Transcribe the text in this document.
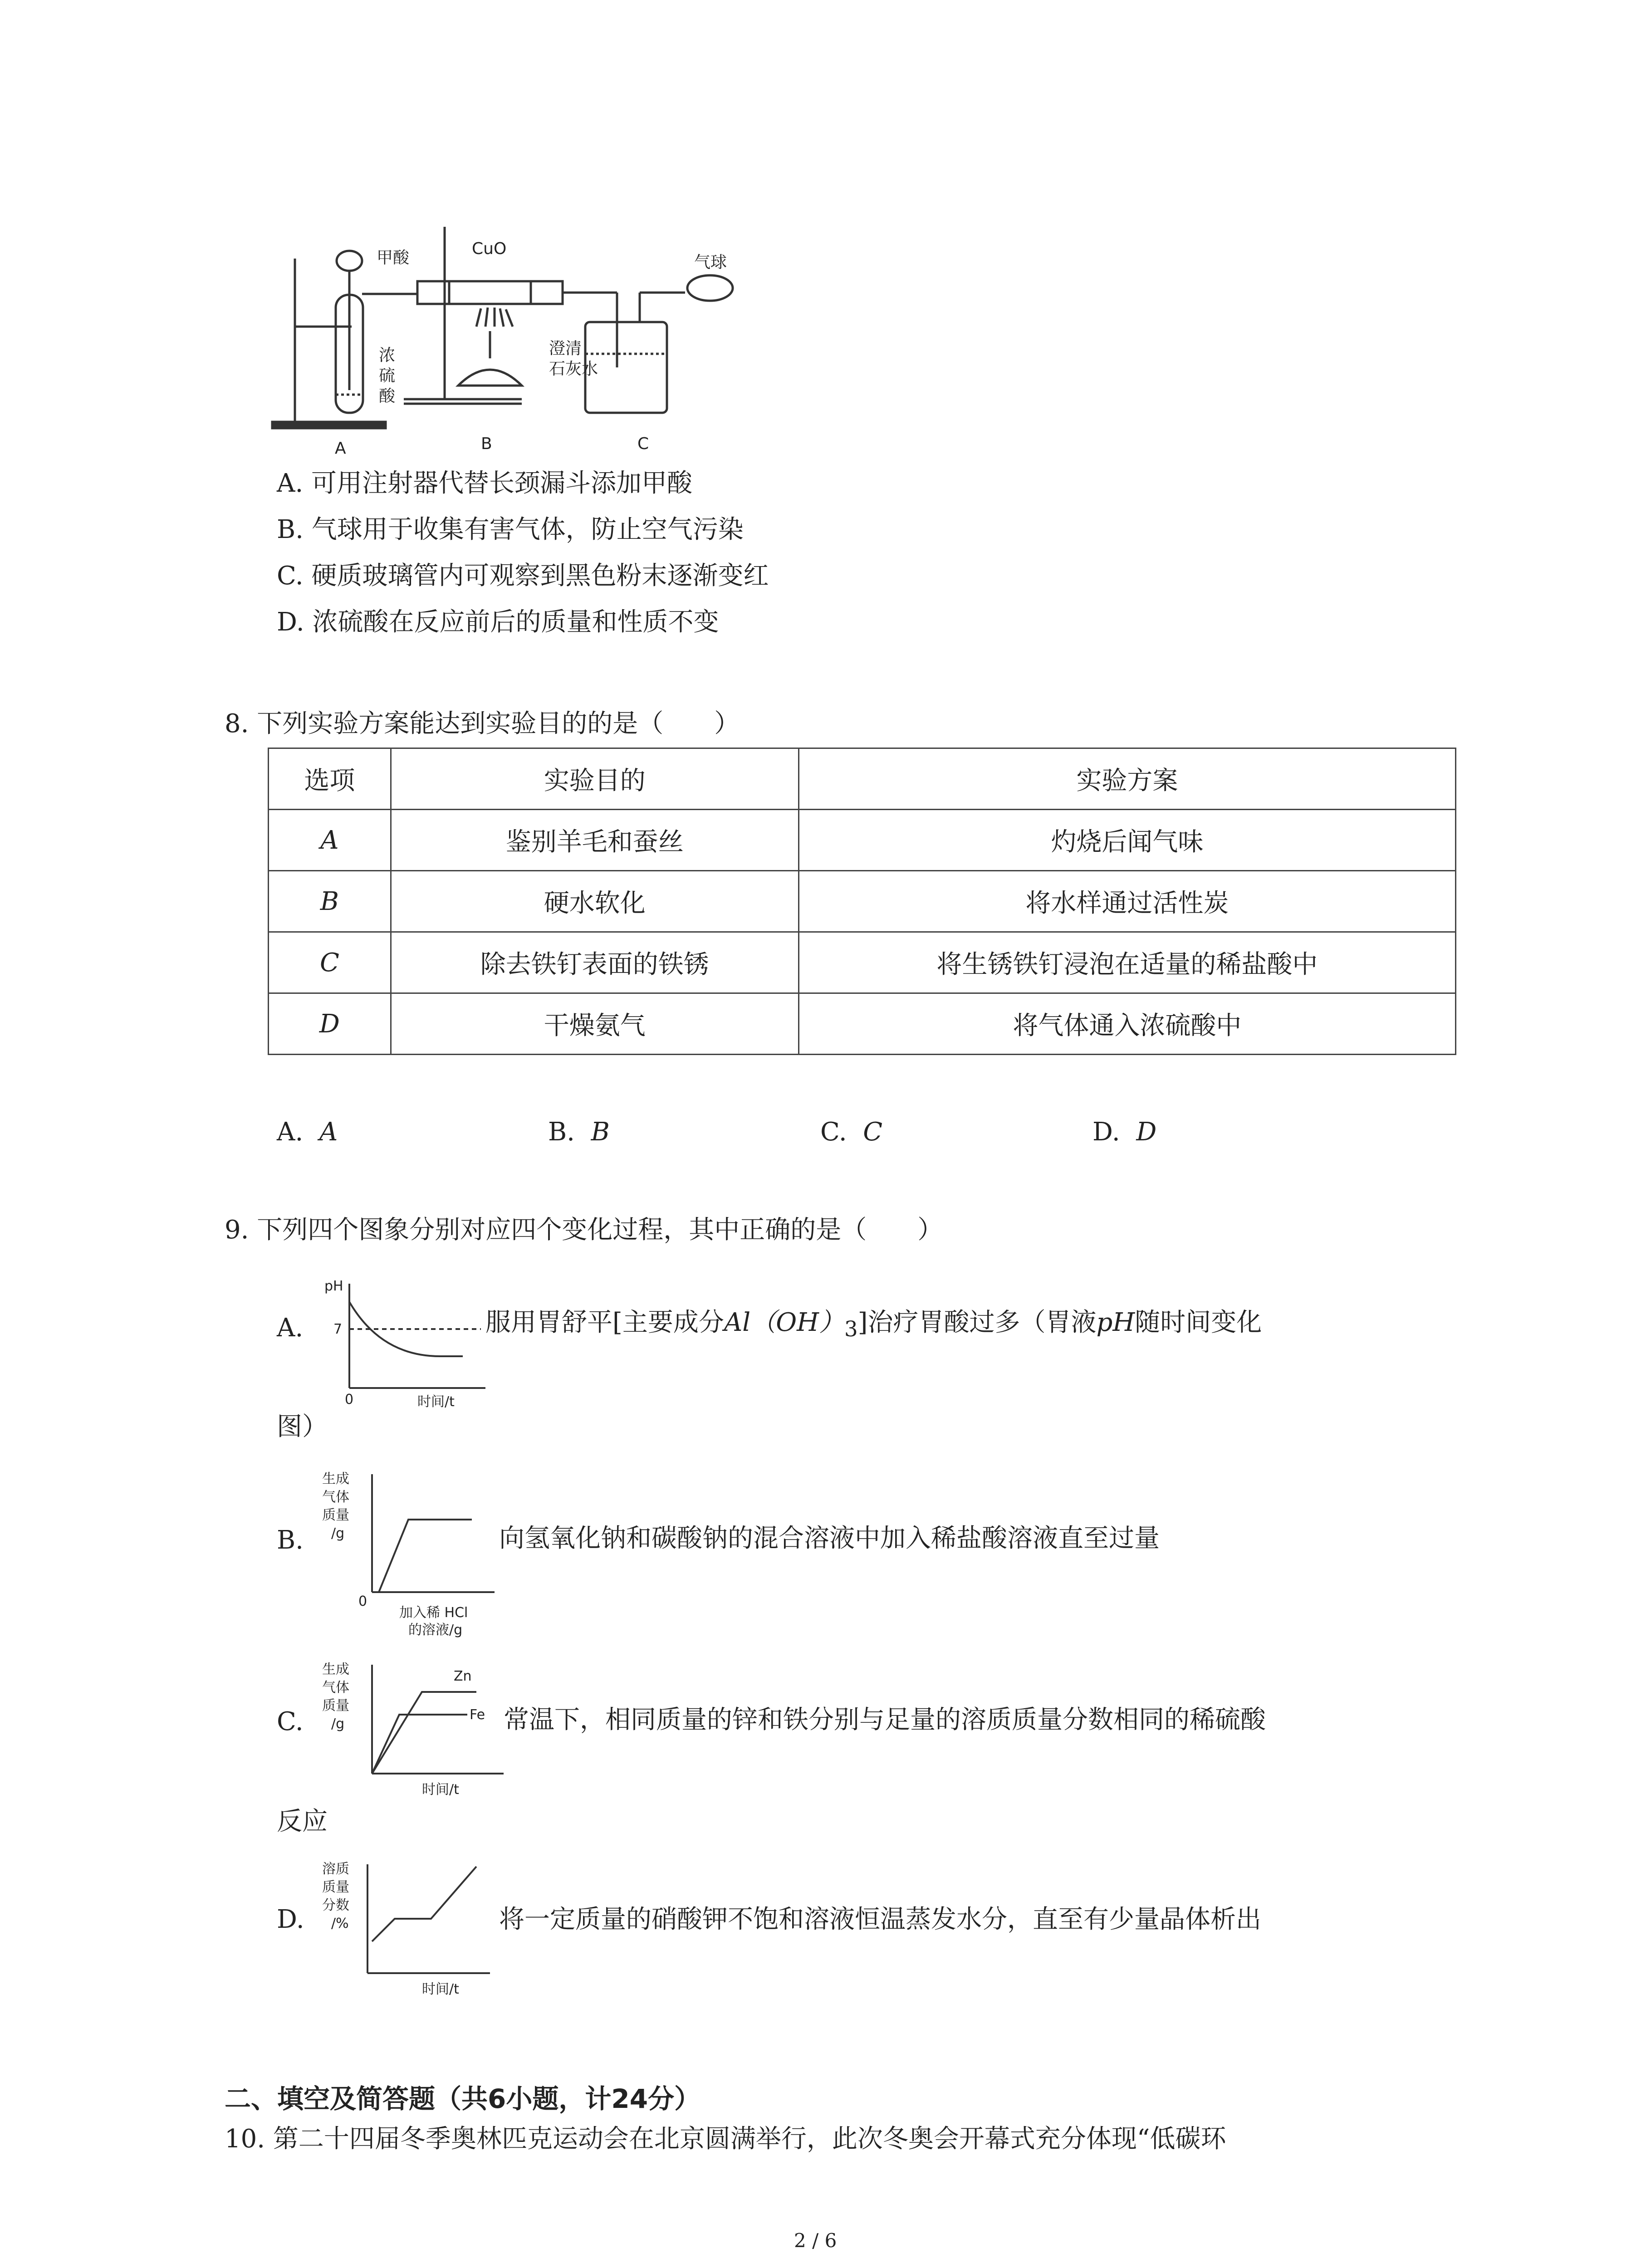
甲酸	CuO
气球
浓
硫
酸
澄清
石灰水
A	B	C
A. 可用注射器代替长颈漏斗添加甲酸
B. 气球用于收集有害气体，防止空气污染
C. 硬质玻璃管内可观察到黑色粉末逐渐变红
D. 浓硫酸在反应前后的质量和性质不变
8. 下列实验方案能达到实验目的的是（　　）
选项	实验目的	实验方案
A	鉴别羊毛和蚕丝	灼烧后闻气味
B	硬水软化	将水样通过活性炭
C	除去铁钉表面的铁锈	将生锈铁钉浸泡在适量的稀盐酸中
D	干燥氨气	将气体通入浓硫酸中
A. A	B. B	C. C	D. D
9. 下列四个图象分别对应四个变化过程，其中正确的是（　　）
A.
pH
7
0	时间/t
服用胃舒平[主要成分$Al(OH)_3$]治疗胃酸过多（胃液pH随时间变化
图）
B.
生成
气体
质量
/g
0
加入稀 HCl
的溶液/g
向氢氧化钠和碳酸钠的混合溶液中加入稀盐酸溶液直至过量
C.
生成
气体
质量
/g
Zn
Fe
时间/t
常温下，相同质量的锌和铁分别与足量的溶质质量分数相同的稀硫酸
反应
D.
溶质
质量
分数
/%
时间/t
将一定质量的硝酸钾不饱和溶液恒温蒸发水分，直至有少量晶体析出
二、填空及简答题（共6小题，计24分）
10. 第二十四届冬季奥林匹克运动会在北京圆满举行，此次冬奥会开幕式充分体现“低碳环
2 / 6
